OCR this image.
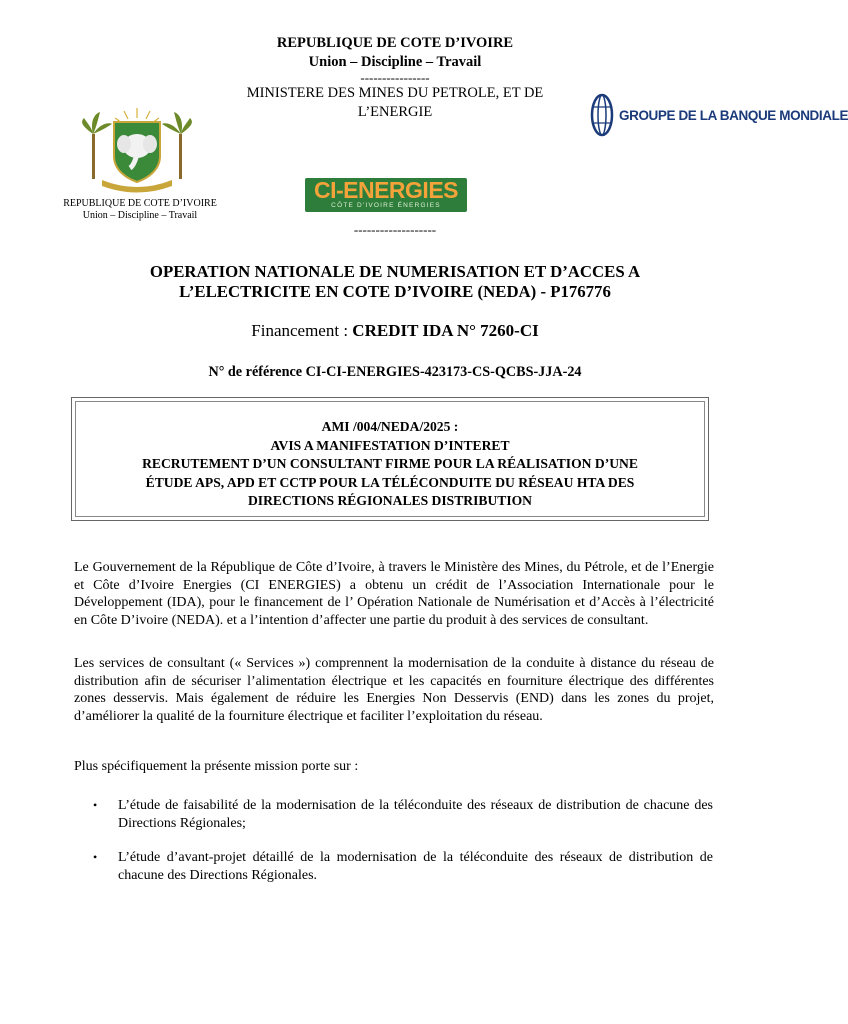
REPUBLIQUE DE COTE D’IVOIRE
Union – Discipline – Travail
----------------
MINISTERE DES MINES DU PETROLE, ET DE
L’ENERGIE
REPUBLIQUE DE COTE D’IVOIRE
Union – Discipline – Travail
GROUPE DE LA BANQUE MONDIALE
CI-ENERGIES
CÔTE D'IVOIRE ÉNERGIES
-------------------
OPERATION NATIONALE DE NUMERISATION ET D’ACCES A
L’ELECTRICITE EN COTE D’IVOIRE (NEDA) - P176776
Financement : CREDIT IDA N° 7260-CI
N° de référence CI-CI-ENERGIES-423173-CS-QCBS-JJA-24
AMI /004/NEDA/2025 :
AVIS A MANIFESTATION D’INTERET
RECRUTEMENT D’UN CONSULTANT FIRME POUR LA RÉALISATION D’UNE
ÉTUDE APS, APD ET CCTP POUR LA TÉLÉCONDUITE DU RÉSEAU HTA DES
DIRECTIONS RÉGIONALES DISTRIBUTION
Le Gouvernement de la République de Côte d’Ivoire, à travers le Ministère des Mines, du Pétrole, et de l’Energie et Côte d’Ivoire Energies (CI ENERGIES) a obtenu un crédit de l’Association Internationale pour le Développement (IDA), pour le financement de l’ Opération Nationale de Numérisation et d’Accès à l’électricité en Côte D’ivoire (NEDA). et a l’intention d’affecter une partie du produit à des services de consultant.
Les services de consultant (« Services ») comprennent la modernisation de la conduite à distance du réseau de distribution afin de sécuriser l’alimentation électrique et les capacités en fourniture électrique des différentes zones desservis. Mais également de réduire les Energies Non Desservis (END) dans les zones du projet, d’améliorer la qualité de la fourniture électrique et faciliter l’exploitation du réseau.
Plus spécifiquement la présente mission porte sur :
•	L’étude de faisabilité de la modernisation de la téléconduite des réseaux de distribution de chacune des Directions Régionales;
•	L’étude d’avant-projet détaillé de la modernisation de la téléconduite des réseaux de distribution de chacune des Directions Régionales.
